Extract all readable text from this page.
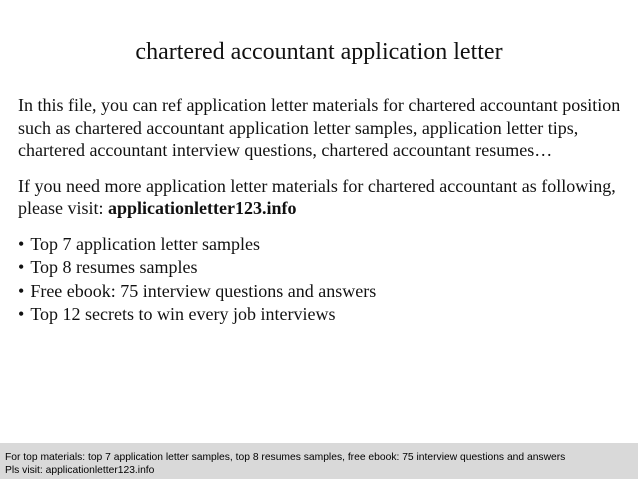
chartered accountant application letter

In this file, you can ref application letter materials for chartered accountant position such as chartered accountant application letter samples, application letter tips, chartered accountant interview questions, chartered accountant resumes…

If you need more application letter materials for chartered accountant as following, please visit: applicationletter123.info

• Top 7 application letter samples
• Top 8 resumes samples
• Free ebook: 75 interview questions and answers
• Top 12 secrets to win every job interviews
For top materials: top 7 application letter samples, top 8 resumes samples, free ebook: 75 interview questions and answers
Pls visit: applicationletter123.info
